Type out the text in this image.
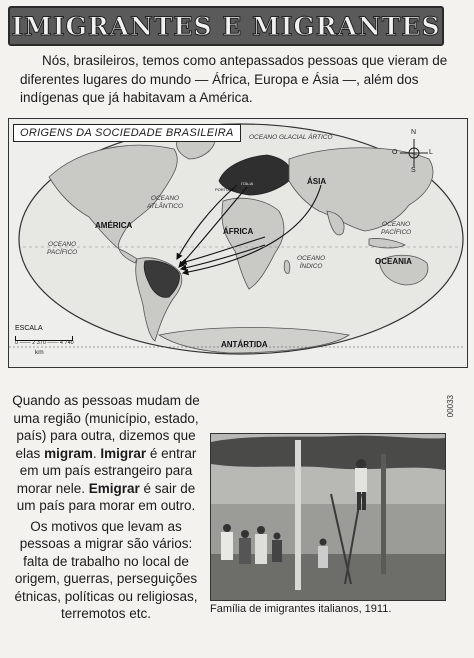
IMIGRANTES E MIGRANTES
Nós, brasileiros, temos como antepassados pessoas que vieram de diferentes lugares do mundo — África, Europa e Ásia —, além dos indígenas que já habitavam a América.
ORIGENS DA SOCIEDADE BRASILEIRA
AMÉRICA
ÁFRICA
ÁSIA
OCEANIA
ANTÁRTIDA
PORTUGAL
ITÁLIA
OCEANO GLACIAL ÁRTICO
OCEANO
ATLÂNTICO
OCEANO
PACÍFICO
OCEANO
ÍNDICO
OCEANO
PACÍFICO
ESCALA
0 —— 2 370 —— 4 740
km
N
S
L
O

Quando as pessoas mudam de uma região (município, estado, país) para outra, dizemos que elas migram. Imigrar é entrar em um país estrangeiro para morar nele. Emigrar é sair de um país para morar em outro.

Os motivos que levam as pessoas a migrar são vários: falta de trabalho no local de origem, guerras, perseguições étnicas, políticas ou religiosas, terremotos etc.	Família de imigrantes italianos, 1911.
00033
